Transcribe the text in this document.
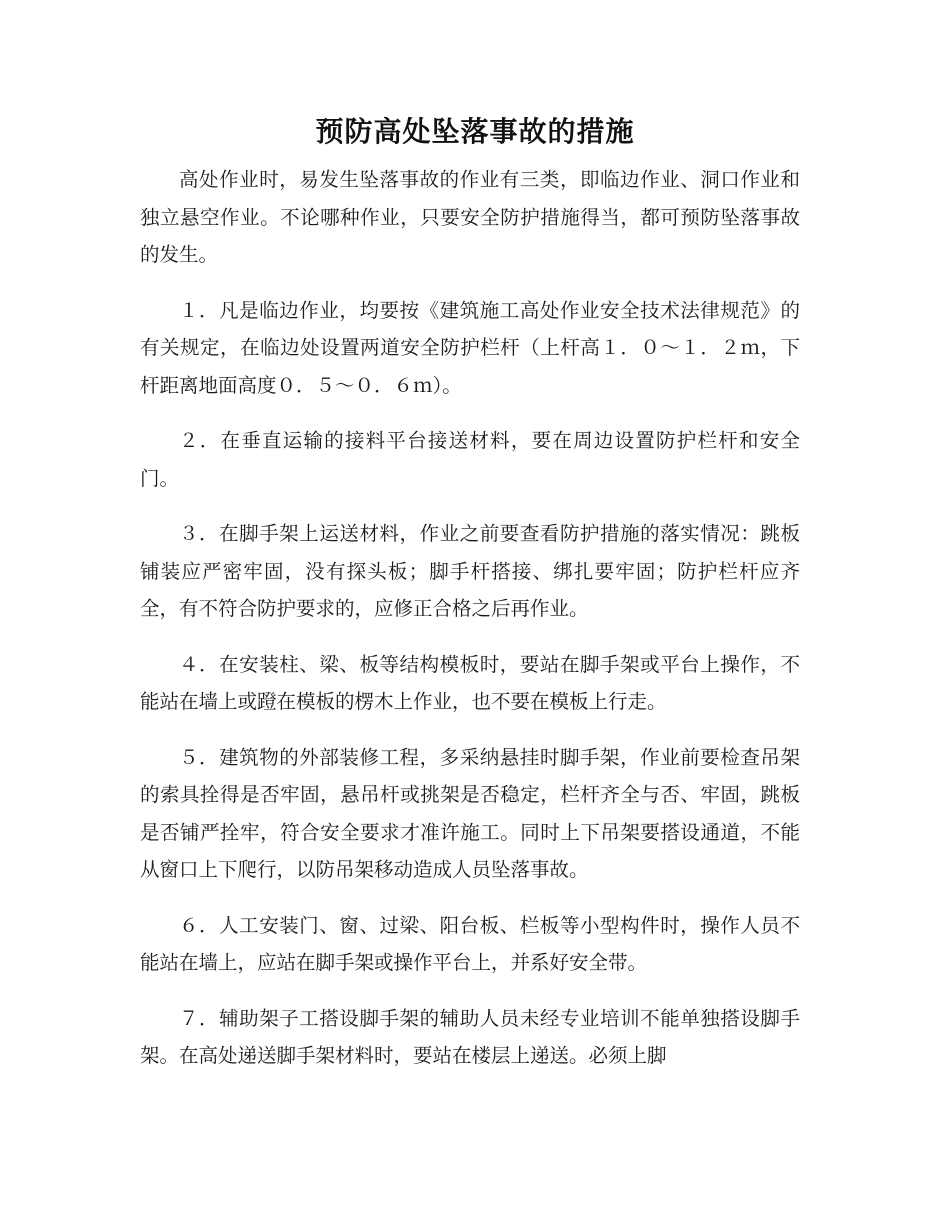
预防高处坠落事故的措施

高处作业时，易发生坠落事故的作业有三类，即临边作业、洞口作业和独立悬空作业。不论哪种作业，只要安全防护措施得当，都可预防坠落事故的发生。

１．凡是临边作业，均要按《建筑施工高处作业安全技术法律规范》的有关规定，在临边处设置两道安全防护栏杆（上杆高１．０～１．２ｍ，下杆距离地面高度０．５～０．６ｍ）。

２．在垂直运输的接料平台接送材料，要在周边设置防护栏杆和安全门。

３．在脚手架上运送材料，作业之前要查看防护措施的落实情况：跳板铺装应严密牢固，没有探头板；脚手杆搭接、绑扎要牢固；防护栏杆应齐全，有不符合防护要求的，应修正合格之后再作业。

４．在安装柱、梁、板等结构模板时，要站在脚手架或平台上操作，不能站在墙上或蹬在模板的楞木上作业，也不要在模板上行走。

５．建筑物的外部装修工程，多采纳悬挂时脚手架，作业前要检查吊架的索具拴得是否牢固，悬吊杆或挑架是否稳定，栏杆齐全与否、牢固，跳板是否铺严拴牢，符合安全要求才准许施工。同时上下吊架要搭设通道，不能从窗口上下爬行，以防吊架移动造成人员坠落事故。

６．人工安装门、窗、过梁、阳台板、栏板等小型构件时，操作人员不能站在墙上，应站在脚手架或操作平台上，并系好安全带。

７．辅助架子工搭设脚手架的辅助人员未经专业培训不能单独搭设脚手架。在高处递送脚手架材料时，要站在楼层上递送。必须上脚
